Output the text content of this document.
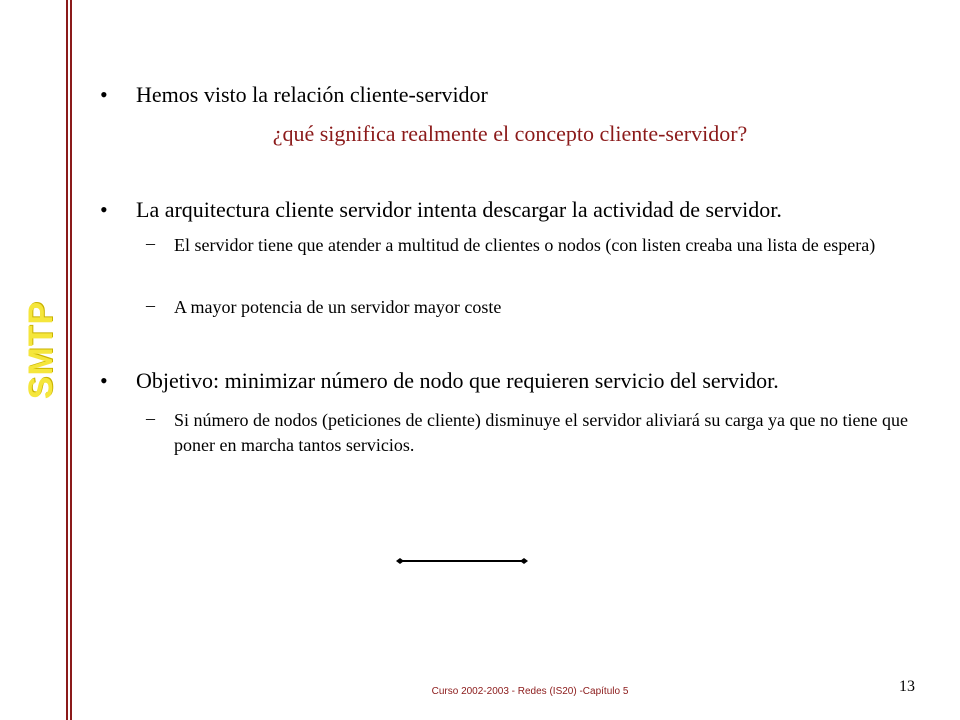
SMTP
• Hemos visto la relación cliente-servidor
¿qué significa realmente el concepto cliente-servidor?
• La arquitectura cliente servidor intenta descargar la actividad de servidor.
– El servidor tiene que atender a multitud de clientes o nodos (con listen creaba una lista de espera)
– A mayor potencia de un servidor mayor coste
• Objetivo: minimizar número de nodo que requieren servicio del servidor.
– Si número de nodos (peticiones de cliente) disminuye el servidor aliviará su carga ya que no tiene que poner en marcha tantos servicios.
Curso 2002-2003 - Redes (IS20) -Capítulo 5	13
